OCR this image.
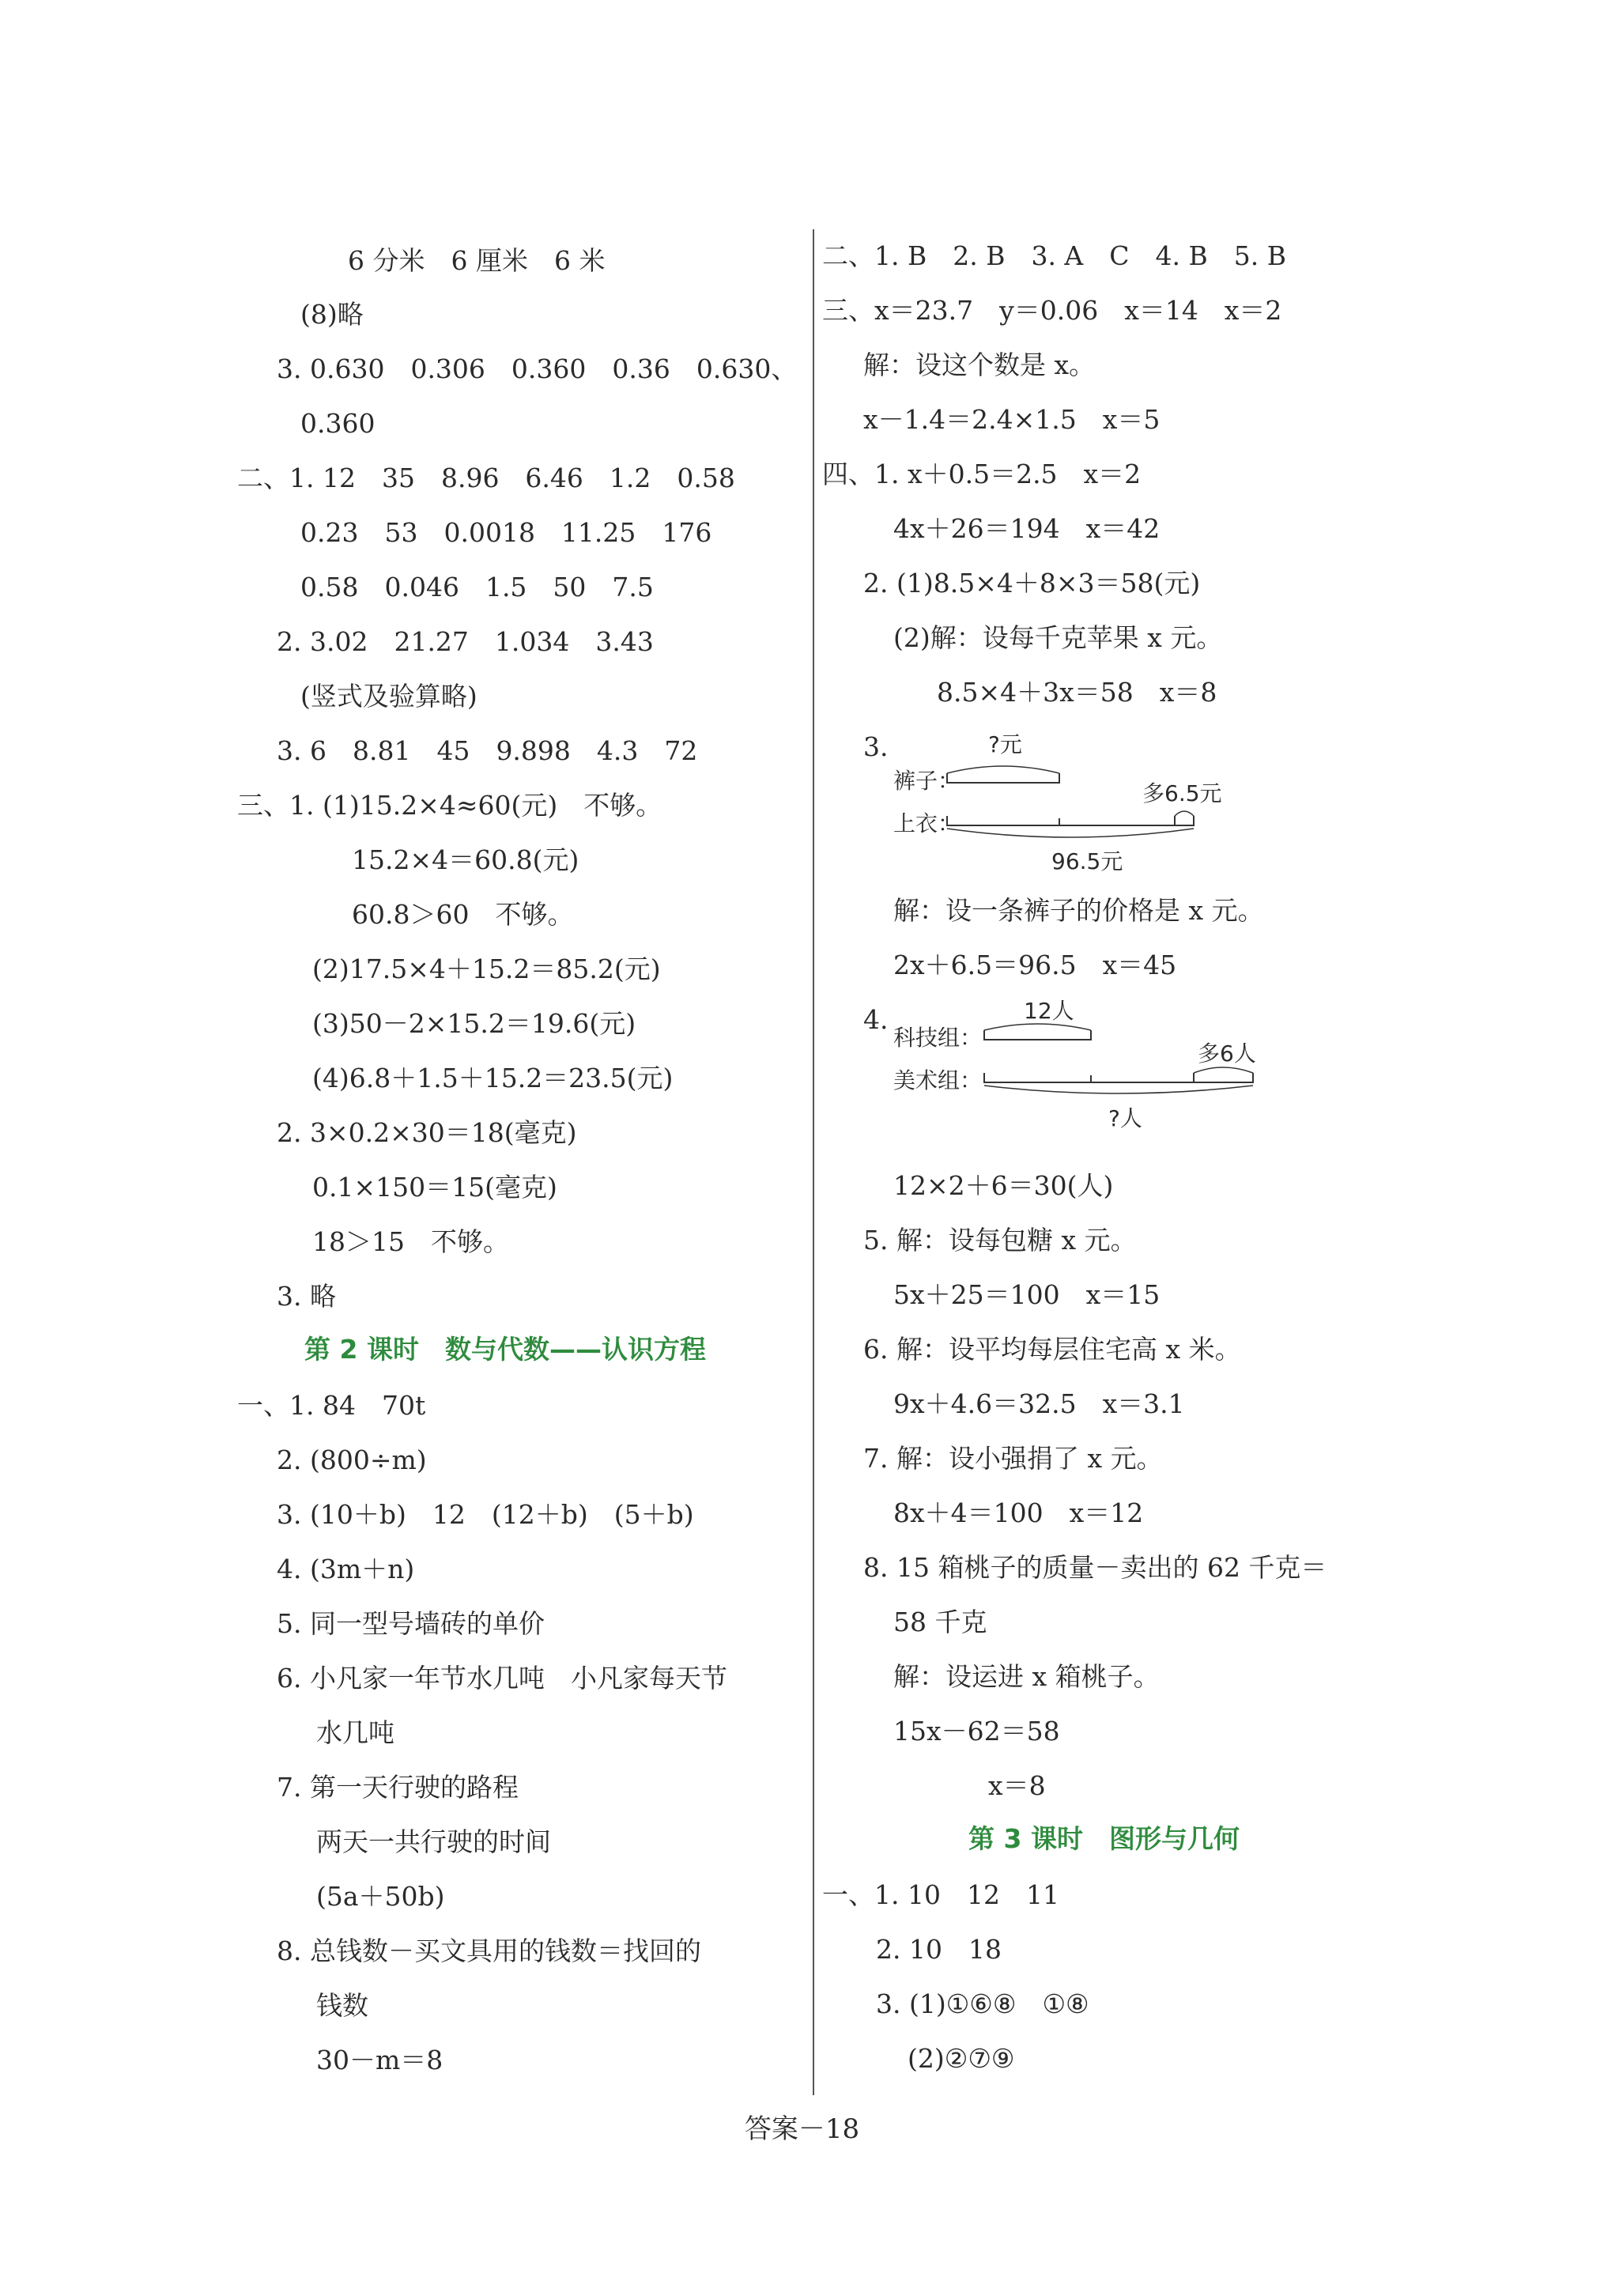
6 分米　6 厘米　6 米
(8)略
3. 0.630　0.306　0.360　0.36　0.630、
0.360
二、1. 12　35　8.96　6.46　1.2　0.58
0.23　53　0.0018　11.25　176
0.58　0.046　1.5　50　7.5
2. 3.02　21.27　1.034　3.43
(竖式及验算略)
3. 6　8.81　45　9.898　4.3　72
三、1. (1)15.2×4≈60(元)　不够。
15.2×4＝60.8(元)
60.8＞60　不够。
(2)17.5×4＋15.2＝85.2(元)
(3)50－2×15.2＝19.6(元)
(4)6.8＋1.5＋15.2＝23.5(元)
2. 3×0.2×30＝18(毫克)
0.1×150＝15(毫克)
18＞15　不够。
3. 略
第 2 课时　数与代数——认识方程
一、1. 84　70t
2. (800÷m)
3. (10＋b)　12　(12＋b)　(5＋b)
4. (3m＋n)
5. 同一型号墙砖的单价
6. 小凡家一年节水几吨　小凡家每天节
水几吨
7. 第一天行驶的路程
两天一共行驶的时间
(5a＋50b)
8. 总钱数－买文具用的钱数＝找回的
钱数
30－m＝8
二、1. B　2. B　3. A　C　4. B　5. B
三、x＝23.7　y＝0.06　x＝14　x＝2
解：设这个数是 x。
x－1.4＝2.4×1.5　x＝5
四、1. x＋0.5＝2.5　x＝2
4x＋26＝194　x＝42
2. (1)8.5×4＋8×3＝58(元)
(2)解：设每千克苹果 x 元。
8.5×4＋3x＝58　x＝8
3.	?元
裤子：
上衣：
多6.5元
96.5元
解：设一条裤子的价格是 x 元。
2x＋6.5＝96.5　x＝45
4.	12人
科技组：
美术组：
多6人
?人
12×2＋6＝30(人)
5. 解：设每包糖 x 元。
5x＋25＝100　x＝15
6. 解：设平均每层住宅高 x 米。
9x＋4.6＝32.5　x＝3.1
7. 解：设小强捐了 x 元。
8x＋4＝100　x＝12
8. 15 箱桃子的质量－卖出的 62 千克＝
58 千克
解：设运进 x 箱桃子。
15x－62＝58
x＝8
第 3 课时　图形与几何
一、1. 10　12　11
2. 10　18
3. (1)①⑥⑧　①⑧
(2)②⑦⑨
答案－18
